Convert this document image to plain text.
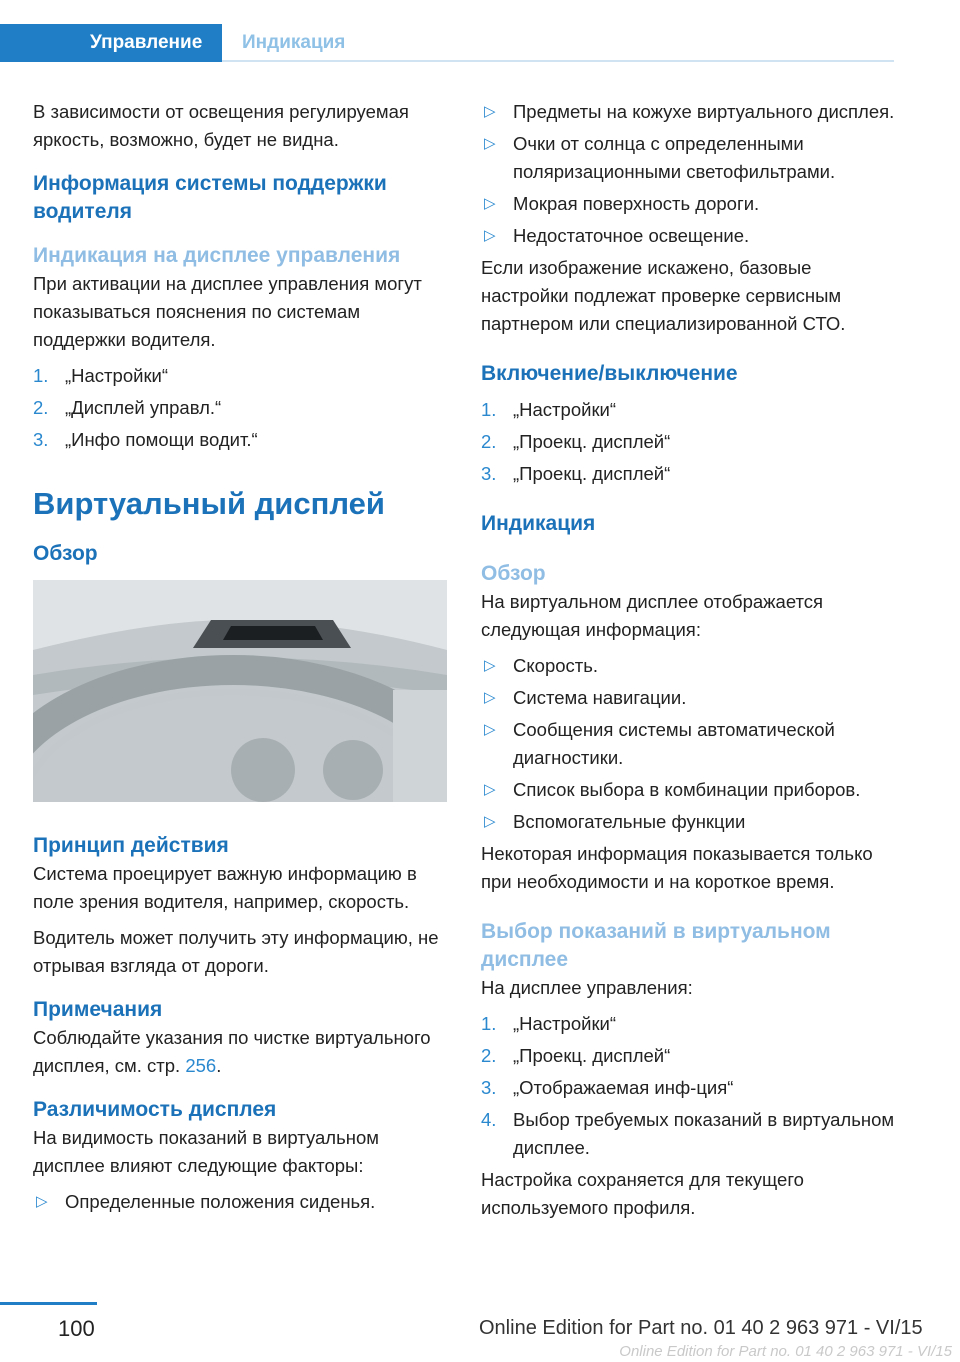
Управление	Индикация

В зависимости от освещения регулируемая яркость, возможно, будет не видна.

Информация системы поддержки водителя
Индикация на дисплее управления

При активации на дисплее управления могут показываться пояснения по системам поддержки водителя.

1. „Настройки“
2. „Дисплей управл.“
3. „Инфо помощи водит.“
Виртуальный дисплей
Обзор
Принцип действия

Система проецирует важную информацию в поле зрения водителя, например, скорость.

Водитель может получить эту информацию, не отрывая взгляда от дороги.

Примечания

Соблюдайте указания по чистке виртуального дисплея, см. стр. 256.

Различимость дисплея

На видимость показаний в виртуальном дисплее влияют следующие факторы:

▷ Определенные положения сиденья.
▷ Предметы на кожухе виртуального дисплея.
▷ Очки от солнца с определенными поляризационными светофильтрами.
▷ Мокрая поверхность дороги.
▷ Недостаточное освещение.

Если изображение искажено, базовые настройки подлежат проверке сервисным партнером или специализированной СТО.

Включение/выключение
1. „Настройки“
2. „Проекц. дисплей“
3. „Проекц. дисплей“
Индикация
Обзор

На виртуальном дисплее отображается следующая информация:

▷ Скорость.
▷ Система навигации.
▷ Сообщения системы автоматической диагностики.
▷ Список выбора в комбинации приборов.
▷ Вспомогательные функции

Некоторая информация показывается только при необходимости и на короткое время.

Выбор показаний в виртуальном дисплее

На дисплее управления:

1. „Настройки“
2. „Проекц. дисплей“
3. „Отображаемая инф-ция“
4. Выбор требуемых показаний в виртуальном дисплее.

Настройка сохраняется для текущего используемого профиля.

100	Online Edition for Part no. 01 40 2 963 971 - VI/15
Online Edition for Part no. 01 40 2 963 971 - VI/15
